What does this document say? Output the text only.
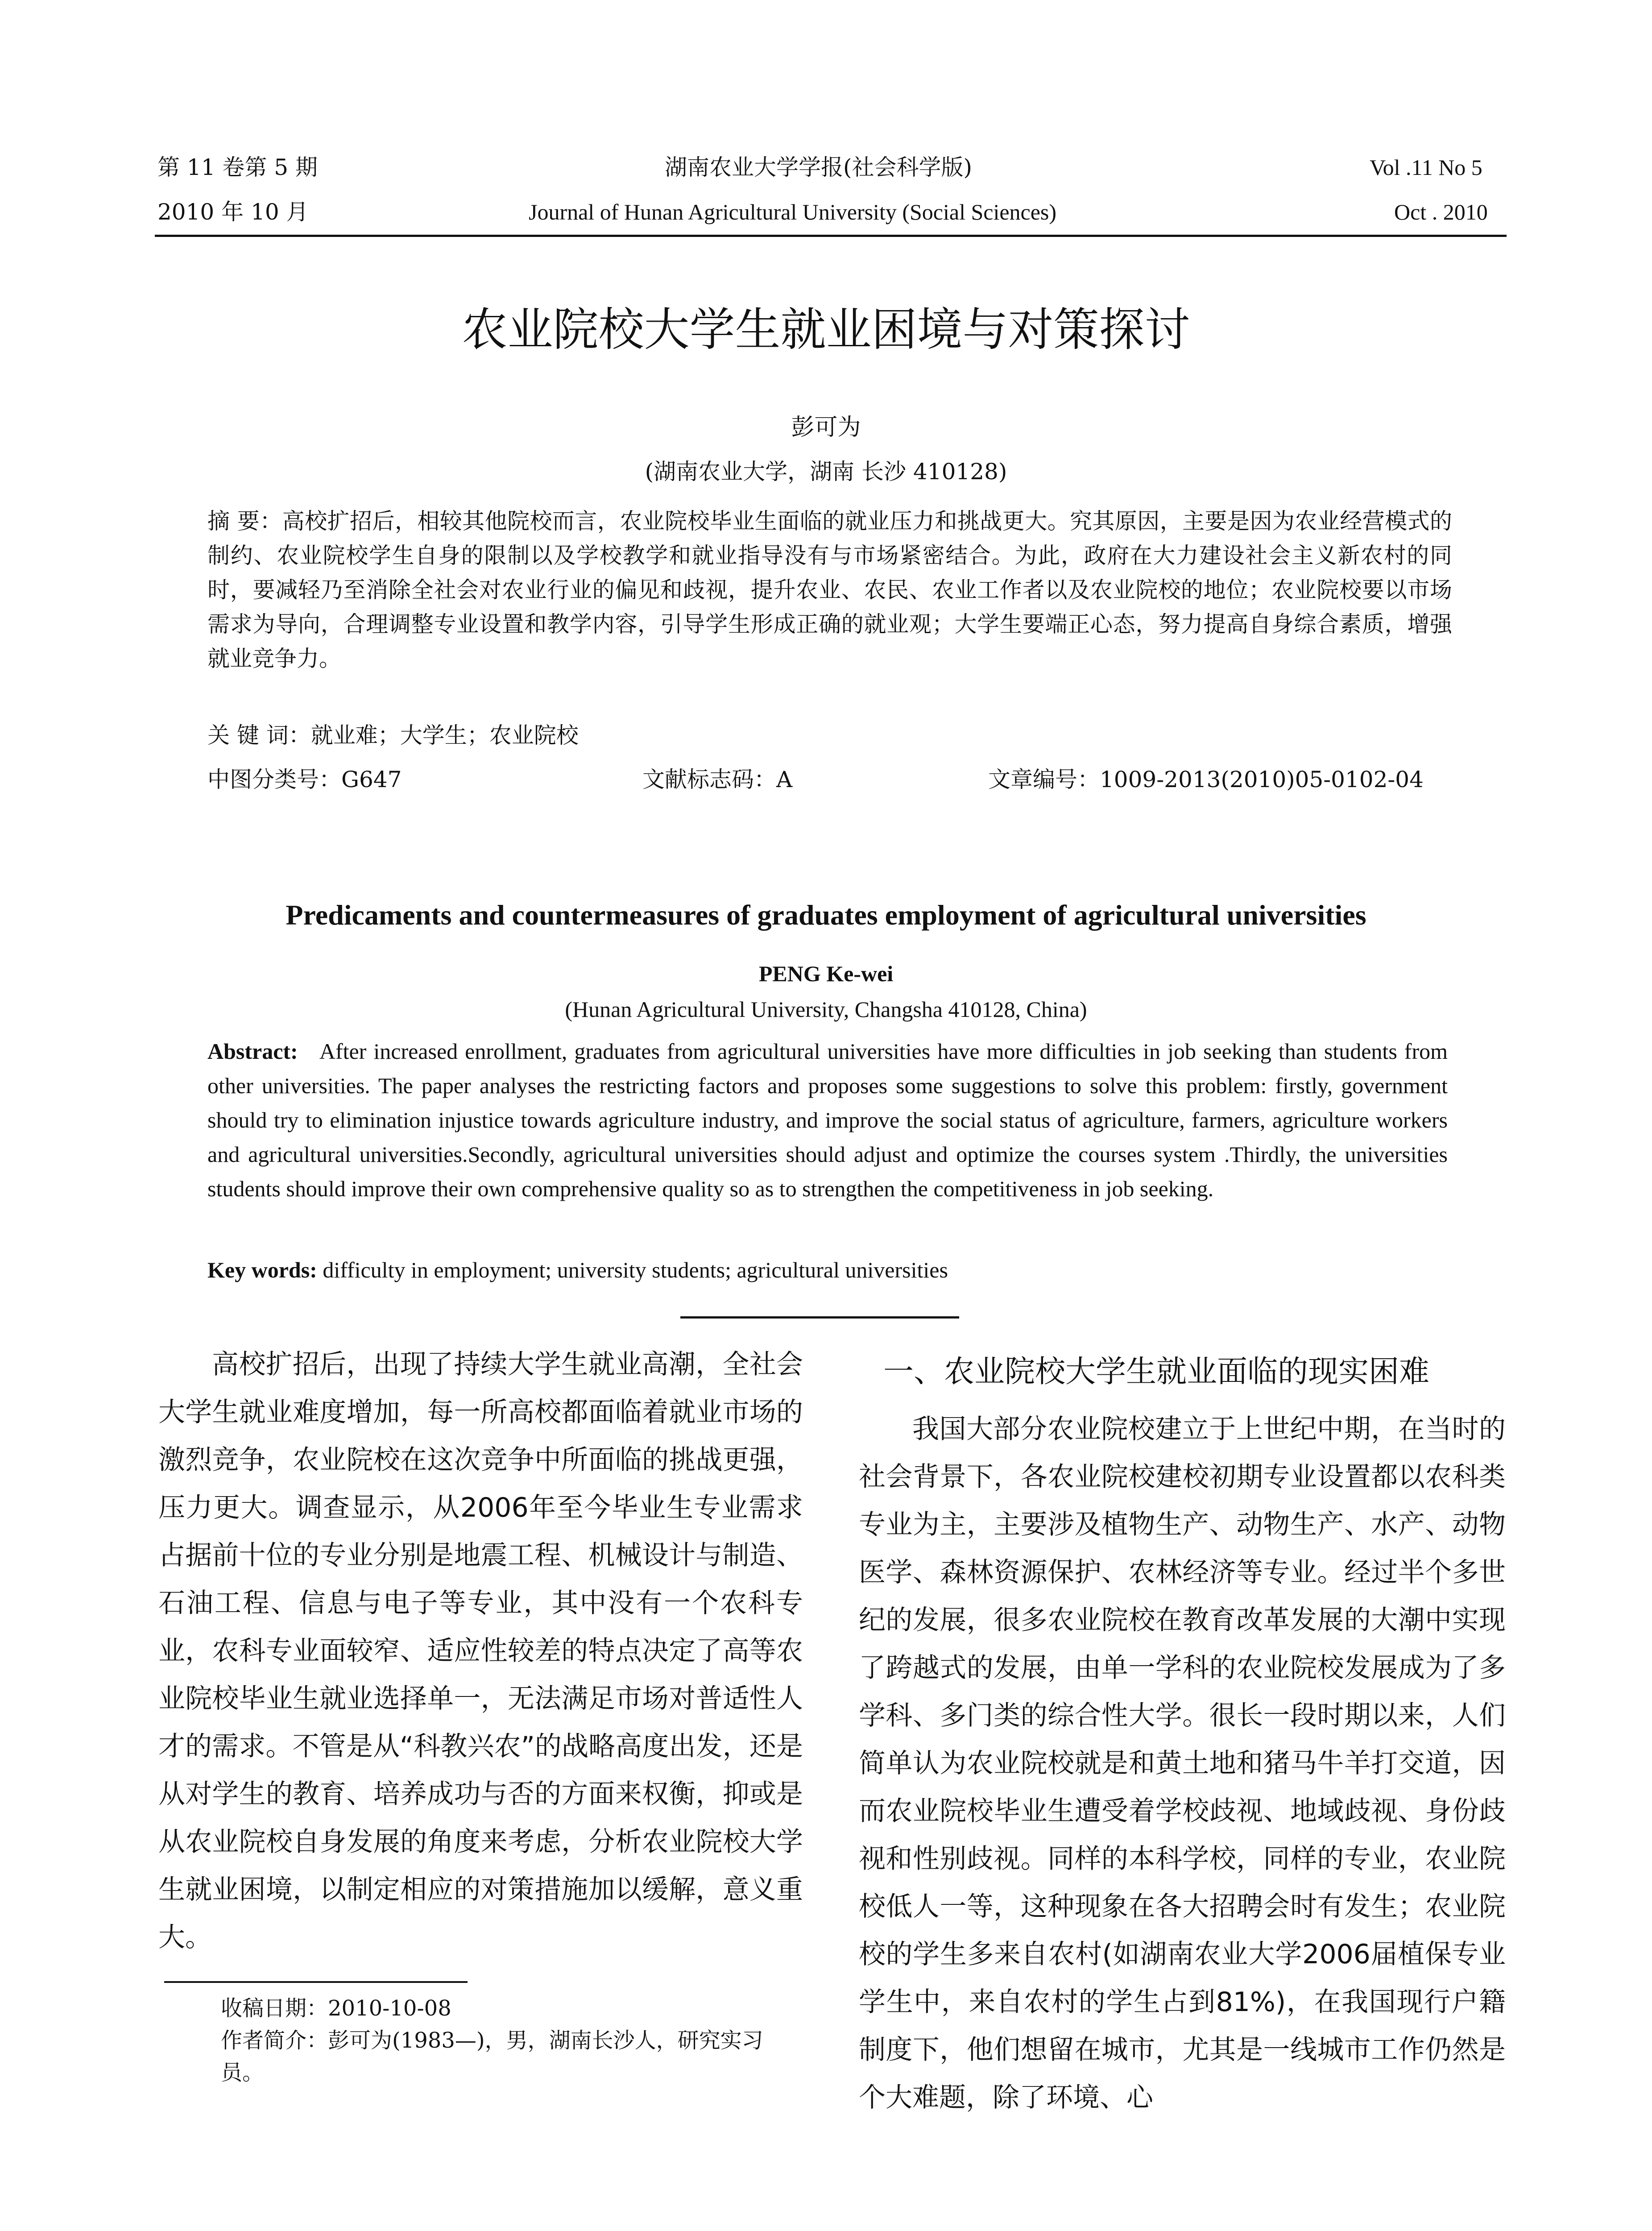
第 11 卷第 5 期	湖南农业大学学报(社会科学版)	Vol .11 No 5
2010 年 10 月	Journal of Hunan Agricultural University (Social Sciences)	Oct . 2010
农业院校大学生就业困境与对策探讨
彭可为
(湖南农业大学，湖南 长沙 410128)
摘 要：高校扩招后，相较其他院校而言，农业院校毕业生面临的就业压力和挑战更大。究其原因，主要是因为农业经营模式的制约、农业院校学生自身的限制以及学校教学和就业指导没有与市场紧密结合。为此，政府在大力建设社会主义新农村的同时，要减轻乃至消除全社会对农业行业的偏见和歧视，提升农业、农民、农业工作者以及农业院校的地位；农业院校要以市场需求为导向，合理调整专业设置和教学内容，引导学生形成正确的就业观；大学生要端正心态，努力提高自身综合素质，增强就业竞争力。
关 键 词：就业难；大学生；农业院校
中图分类号：G647	文献标志码：A	文章编号：1009-2013(2010)05-0102-04
Predicaments and countermeasures of graduates employment of agricultural universities
PENG Ke-wei
(Hunan Agricultural University, Changsha 410128, China)
Abstract: After increased enrollment, graduates from agricultural universities have more difficulties in job seeking than students from other universities. The paper analyses the restricting factors and proposes some suggestions to solve this problem: firstly, government should try to elimination injustice towards agriculture industry, and improve the social status of agriculture, farmers, agriculture workers and agricultural universities.Secondly, agricultural universities should adjust and optimize the courses system .Thirdly, the universities students should improve their own comprehensive quality so as to strengthen the competitiveness in job seeking.
Key words: difficulty in employment; university students; agricultural universities
高校扩招后，出现了持续大学生就业高潮，全社会大学生就业难度增加，每一所高校都面临着就业市场的激烈竞争，农业院校在这次竞争中所面临的挑战更强，压力更大。调查显示，从2006年至今毕业生专业需求占据前十位的专业分别是地震工程、机械设计与制造、石油工程、信息与电子等专业，其中没有一个农科专业，农科专业面较窄、适应性较差的特点决定了高等农业院校毕业生就业选择单一，无法满足市场对普适性人才的需求。不管是从“科教兴农”的战略高度出发，还是从对学生的教育、培养成功与否的方面来权衡，抑或是从农业院校自身发展的角度来考虑，分析农业院校大学生就业困境，以制定相应的对策措施加以缓解，意义重大。
一、农业院校大学生就业面临的现实困难
我国大部分农业院校建立于上世纪中期，在当时的社会背景下，各农业院校建校初期专业设置都以农科类专业为主，主要涉及植物生产、动物生产、水产、动物医学、森林资源保护、农林经济等专业。经过半个多世纪的发展，很多农业院校在教育改革发展的大潮中实现了跨越式的发展，由单一学科的农业院校发展成为了多学科、多门类的综合性大学。很长一段时期以来，人们简单认为农业院校就是和黄土地和猪马牛羊打交道，因而农业院校毕业生遭受着学校歧视、地域歧视、身份歧视和性别歧视。同样的本科学校，同样的专业，农业院校低人一等，这种现象在各大招聘会时有发生；农业院校的学生多来自农村(如湖南农业大学2006届植保专业学生中，来自农村的学生占到81%)，在我国现行户籍制度下，他们想留在城市，尤其是一线城市工作仍然是个大难题，除了环境、心

收稿日期：2010-10-08

作者简介：彭可为(1983—)，男，湖南长沙人，研究实习员。
